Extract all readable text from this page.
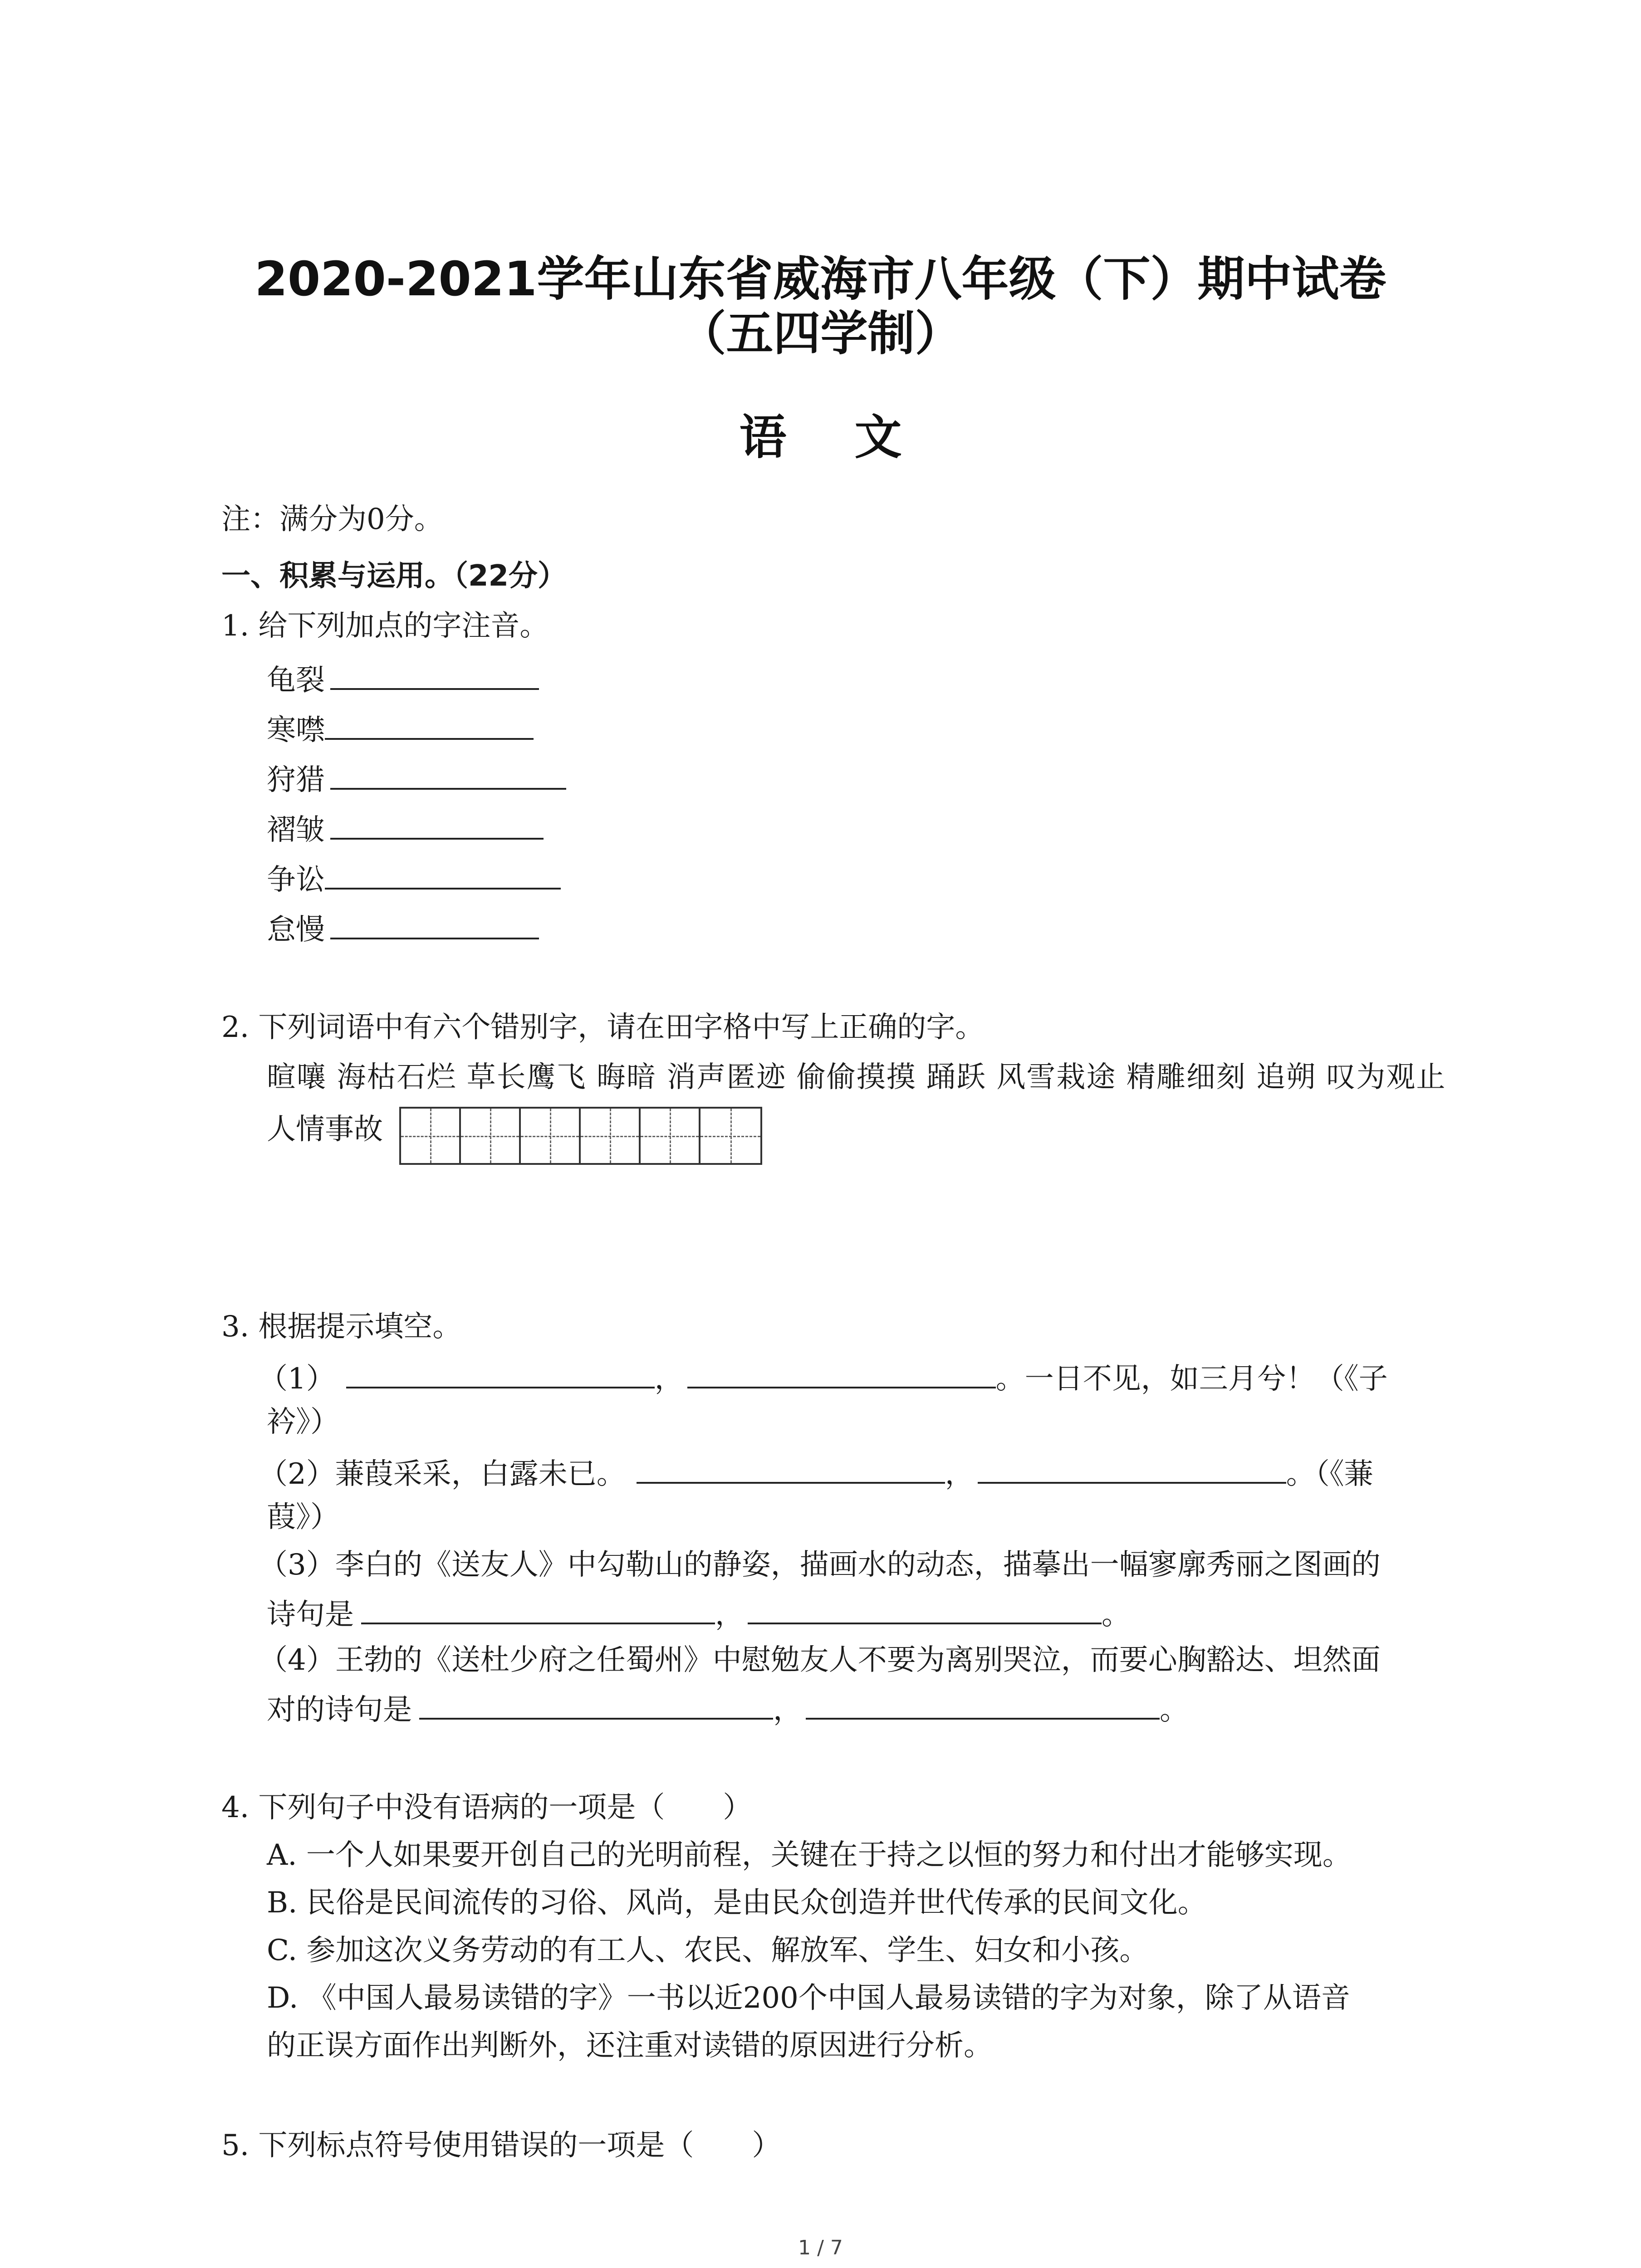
2020-2021学年山东省威海市八年级（下）期中试卷
（五四学制）
语文
注：满分为0分。
一、积累与运用。（22分）
1. 给下列加点的字注音。
龟裂
寒噤
狩猎
褶皱
争讼
怠慢
2. 下列词语中有六个错别字，请在田字格中写上正确的字。
暄嚷 海枯石烂 草长鹰飞 晦暗 消声匿迹 偷偷摸摸 踊跃 风雪栽途 精雕细刻 追朔 叹为观止
人情事故
3. 根据提示填空。
（1）	，	。一日不见，如三月兮！（《子
衿》）
（2）蒹葭采采，白露未已。	，	。（《蒹
葭》）
（3）李白的《送友人》中勾勒山的静姿，描画水的动态，描摹出一幅寥廓秀丽之图画的
诗句是	，	。
（4）王勃的《送杜少府之任蜀州》中慰勉友人不要为离别哭泣，而要心胸豁达、坦然面
对的诗句是	，	。
4. 下列句子中没有语病的一项是（　　）
A. 一个人如果要开创自己的光明前程，关键在于持之以恒的努力和付出才能够实现。
B. 民俗是民间流传的习俗、风尚，是由民众创造并世代传承的民间文化。
C. 参加这次义务劳动的有工人、农民、解放军、学生、妇女和小孩。
D. 《中国人最易读错的字》一书以近200个中国人最易读错的字为对象，除了从语音
的正误方面作出判断外，还注重对读错的原因进行分析。
5. 下列标点符号使用错误的一项是（　　）
1 / 7
